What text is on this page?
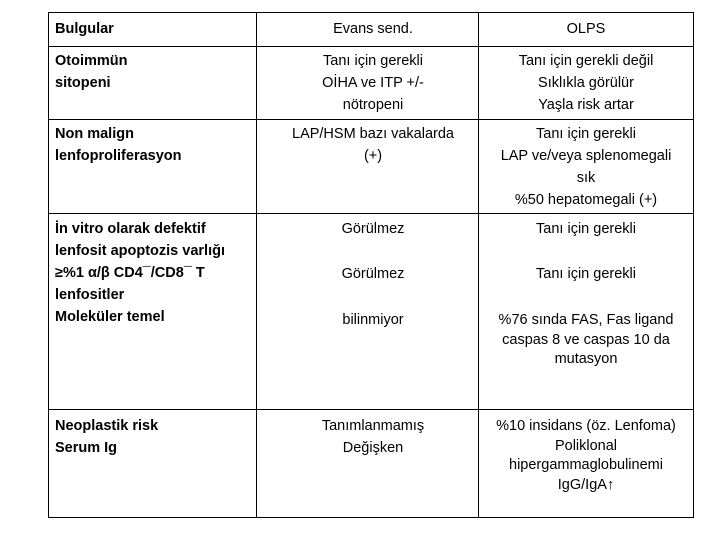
Bulgular	Evans send.	OLPS
Otoimmün
sitopeni
Tanı için gerekli
OİHA ve ITP +/-
nötropeni
Tanı için gerekli değil
Sıklıkla görülür
Yaşla risk artar
Non malign
lenfoproliferasyon
LAP/HSM bazı vakalarda
(+)
Tanı için gerekli
LAP ve/veya splenomegali
sık
%50 hepatomegali (+)
İn vitro olarak defektif
lenfosit apoptozis varlığı
≥%1 α/β CD4¯/CD8¯ T
lenfositler
Moleküler temel
Görülmez
Görülmez
bilinmiyor
Tanı için gerekli
Tanı için gerekli
%76 sında FAS, Fas ligand
caspas 8 ve caspas 10 da
mutasyon
Neoplastik risk
Serum Ig
Tanımlanmamış
Değişken
%10 insidans (öz. Lenfoma)
Poliklonal
hipergammaglobulinemi
IgG/IgA↑
